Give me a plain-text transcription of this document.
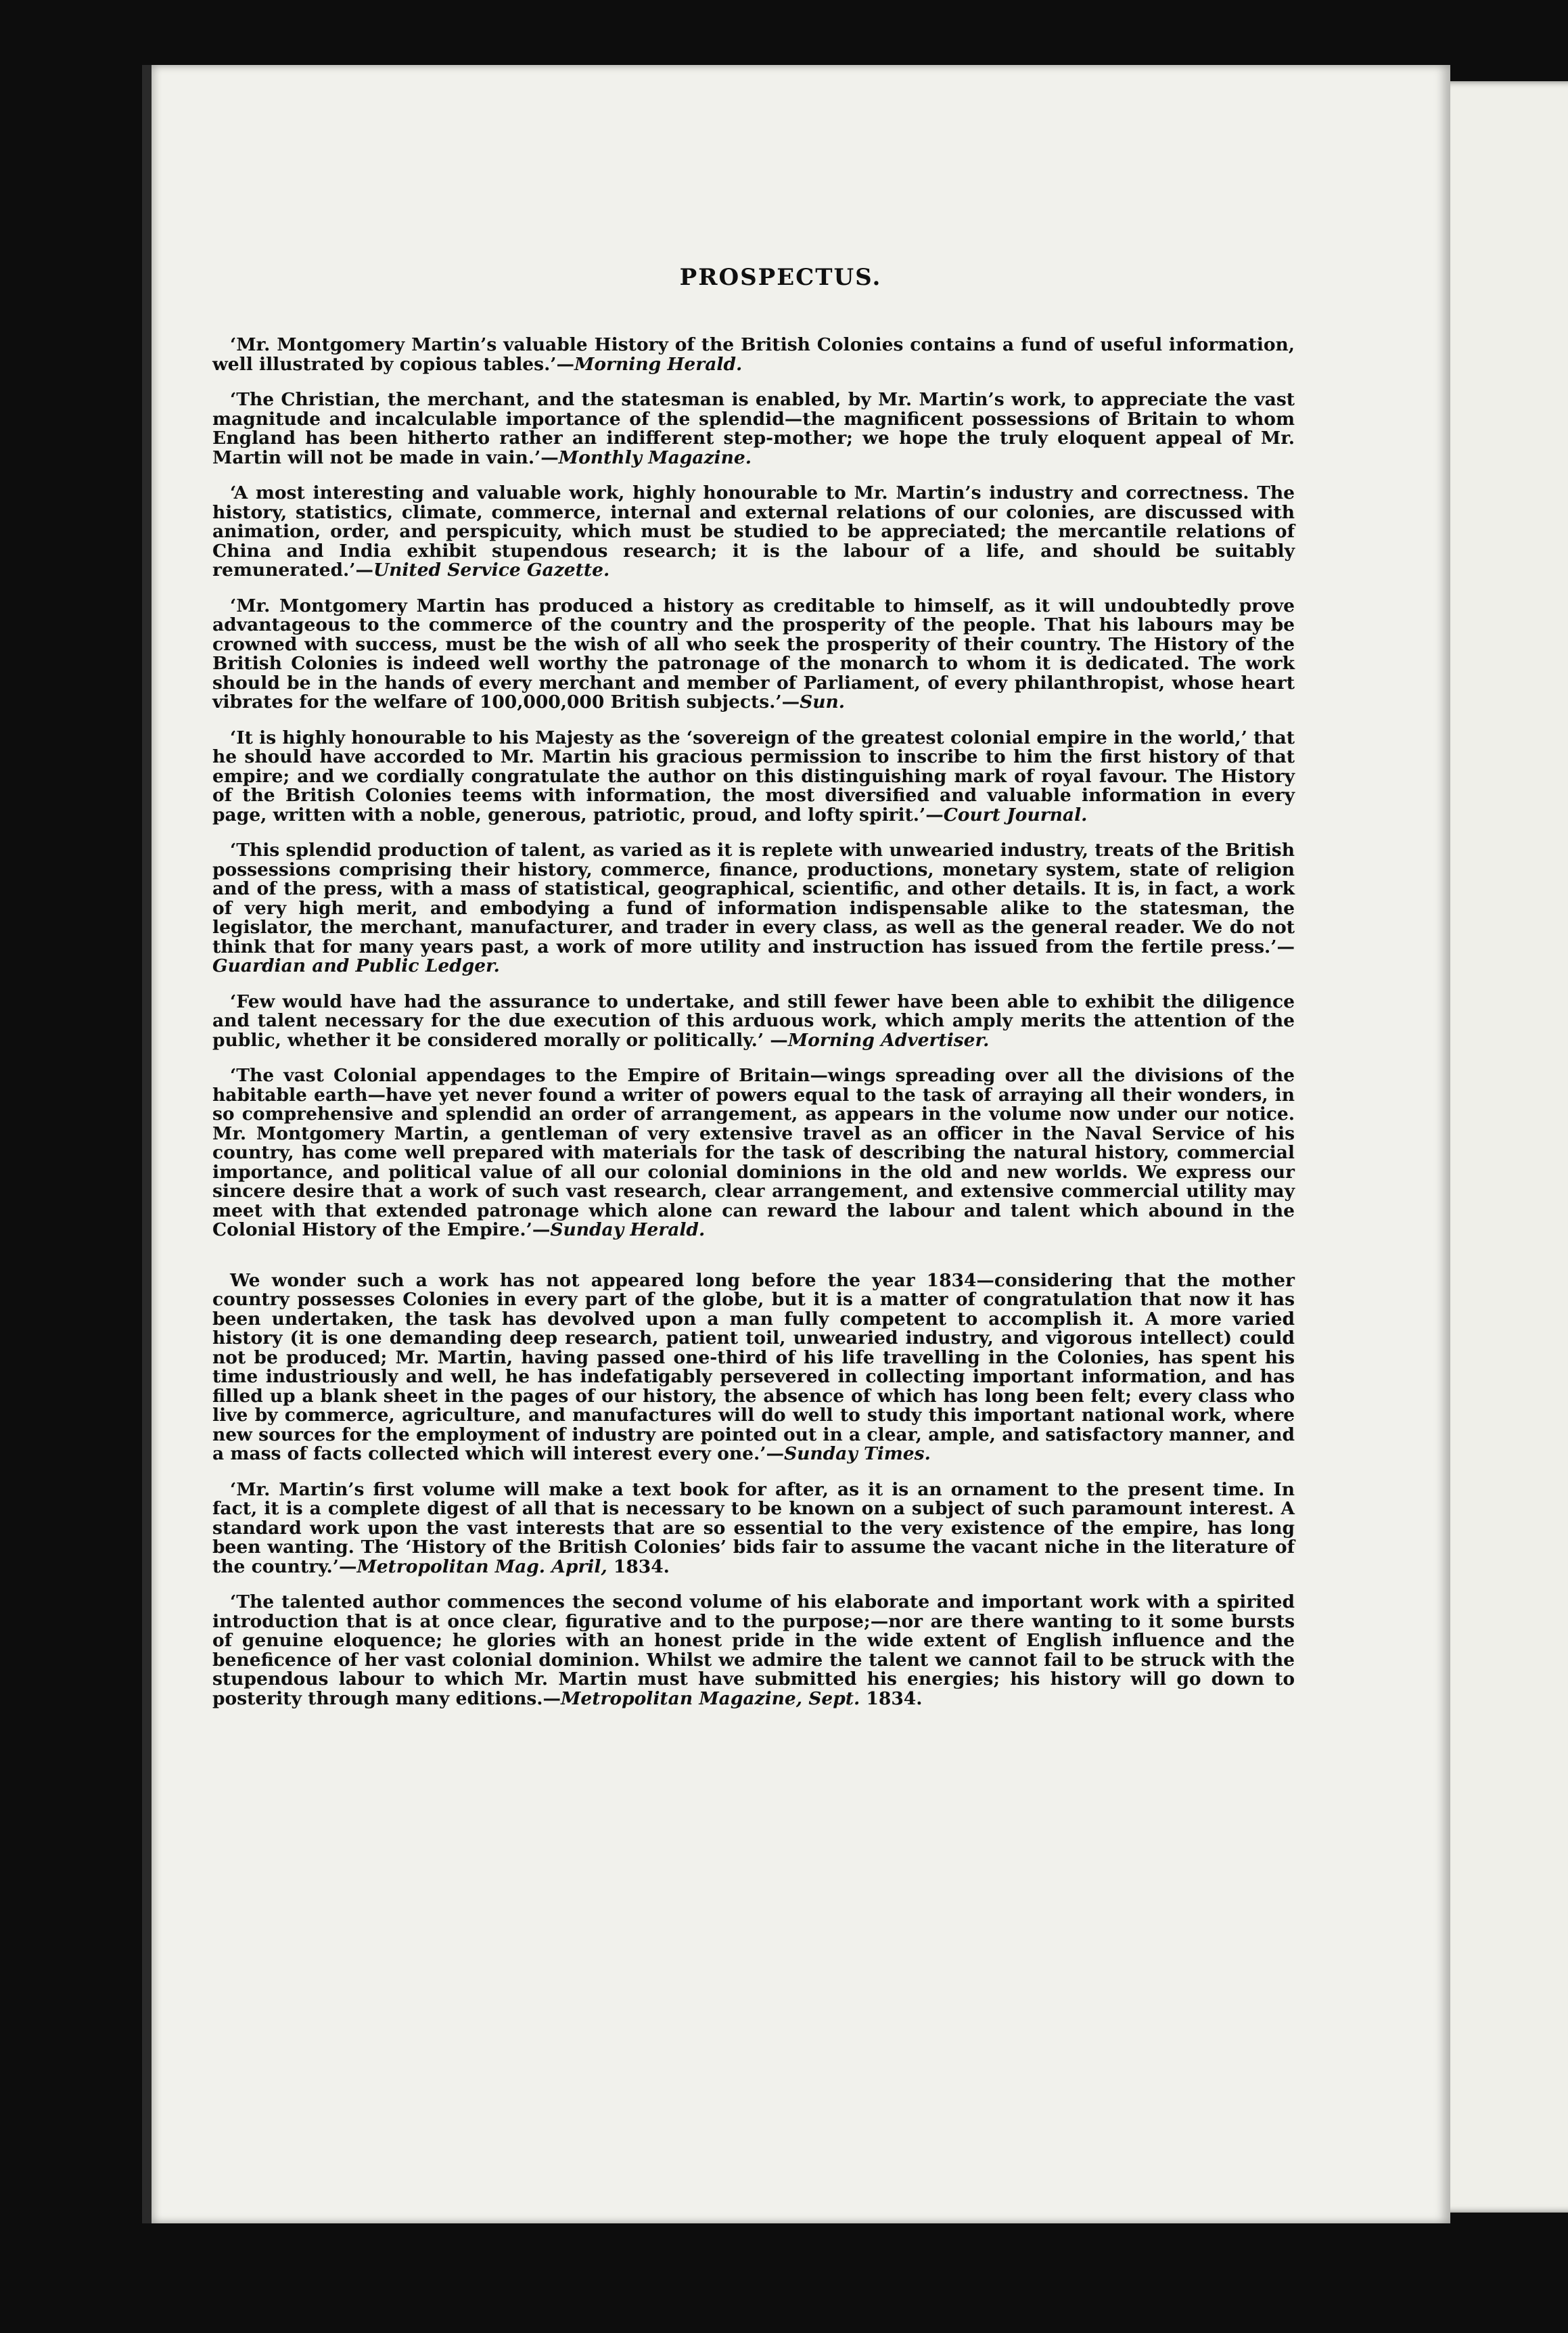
PROSPECTUS.

‘Mr. Montgomery Martin’s valuable History of the British Colonies contains a fund of useful information, well illustrated by copious tables.’—Morning Herald.

‘The Christian, the merchant, and the statesman is enabled, by Mr. Martin’s work, to appreciate the vast magnitude and incalculable importance of the splendid—the magnificent possessions of Britain to whom England has been hitherto rather an indifferent step-mother; we hope the truly eloquent appeal of Mr. Martin will not be made in vain.’—Monthly Magazine.

‘A most interesting and valuable work, highly honourable to Mr. Martin’s industry and correctness. The history, statistics, climate, commerce, internal and external relations of our colonies, are discussed with animation, order, and perspicuity, which must be studied to be appreciated; the mercantile relations of China and India exhibit stupendous research; it is the labour of a life, and should be suitably remunerated.’—United Service Gazette.

‘Mr. Montgomery Martin has produced a history as creditable to himself, as it will undoubtedly prove advantageous to the commerce of the country and the prosperity of the people. That his labours may be crowned with success, must be the wish of all who seek the prosperity of their country. The History of the British Colonies is indeed well worthy the patronage of the monarch to whom it is dedicated. The work should be in the hands of every merchant and member of Parliament, of every philanthropist, whose heart vibrates for the welfare of 100,000,000 British subjects.’—Sun.

‘It is highly honourable to his Majesty as the ‘sovereign of the greatest colonial empire in the world,’ that he should have accorded to Mr. Martin his gracious permission to inscribe to him the first history of that empire; and we cordially congratulate the author on this distinguishing mark of royal favour. The History of the British Colonies teems with information, the most diversified and valuable information in every page, written with a noble, generous, patriotic, proud, and lofty spirit.’—Court Journal.

‘This splendid production of talent, as varied as it is replete with unwearied industry, treats of the British possessions comprising their history, commerce, finance, productions, monetary system, state of religion and of the press, with a mass of statistical, geographical, scientific, and other details. It is, in fact, a work of very high merit, and embodying a fund of information indispensable alike to the statesman, the legislator, the merchant, manufacturer, and trader in every class, as well as the general reader. We do not think that for many years past, a work of more utility and instruction has issued from the fertile press.’—Guardian and Public Ledger.

‘Few would have had the assurance to undertake, and still fewer have been able to exhibit the diligence and talent necessary for the due execution of this arduous work, which amply merits the attention of the public, whether it be considered morally or politically.’ —Morning Advertiser.

‘The vast Colonial appendages to the Empire of Britain—wings spreading over all the divisions of the habitable earth—have yet never found a writer of powers equal to the task of arraying all their wonders, in so comprehensive and splendid an order of arrangement, as appears in the volume now under our notice. Mr. Montgomery Martin, a gentleman of very extensive travel as an officer in the Naval Service of his country, has come well prepared with materials for the task of describing the natural history, commercial importance, and political value of all our colonial dominions in the old and new worlds. We express our sincere desire that a work of such vast research, clear arrangement, and extensive commercial utility may meet with that extended patronage which alone can reward the labour and talent which abound in the Colonial History of the Empire.’—Sunday Herald.

We wonder such a work has not appeared long before the year 1834—considering that the mother country possesses Colonies in every part of the globe, but it is a matter of congratulation that now it has been undertaken, the task has devolved upon a man fully competent to accomplish it. A more varied history (it is one demanding deep research, patient toil, unwearied industry, and vigorous intellect) could not be produced; Mr. Martin, having passed one-third of his life travelling in the Colonies, has spent his time industriously and well, he has indefatigably persevered in collecting important information, and has filled up a blank sheet in the pages of our history, the absence of which has long been felt; every class who live by commerce, agriculture, and manufactures will do well to study this important national work, where new sources for the employment of industry are pointed out in a clear, ample, and satisfactory manner, and a mass of facts collected which will interest every one.’—Sunday Times.

‘Mr. Martin’s first volume will make a text book for after, as it is an ornament to the present time. In fact, it is a complete digest of all that is necessary to be known on a subject of such paramount interest. A standard work upon the vast interests that are so essential to the very existence of the empire, has long been wanting. The ‘History of the British Colonies’ bids fair to assume the vacant niche in the literature of the country.’—Metropolitan Mag. April, 1834.

‘The talented author commences the second volume of his elaborate and important work with a spirited introduction that is at once clear, figurative and to the purpose;—nor are there wanting to it some bursts of genuine eloquence; he glories with an honest pride in the wide extent of English influence and the beneficence of her vast colonial dominion. Whilst we admire the talent we cannot fail to be struck with the stupendous labour to which Mr. Martin must have submitted his energies; his history will go down to posterity through many editions.—Metropolitan Magazine, Sept. 1834.
